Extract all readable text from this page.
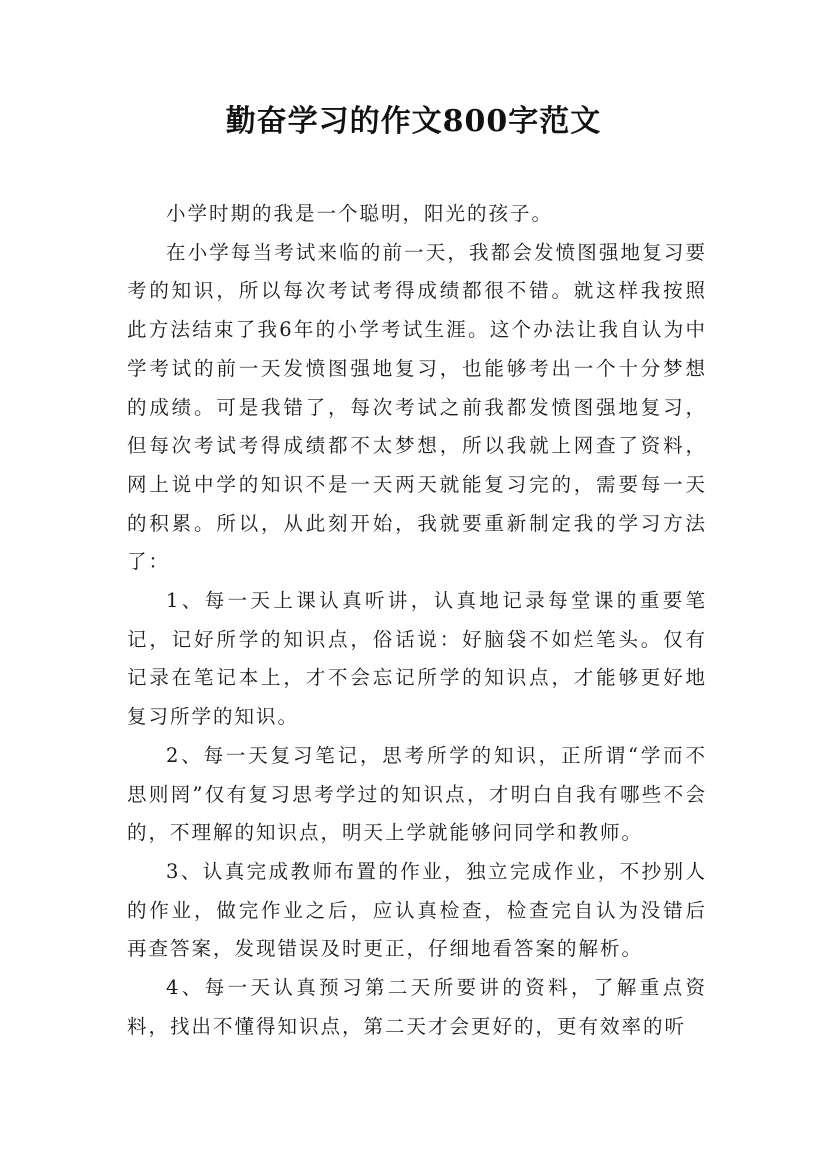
勤奋学习的作文800字范文

小学时期的我是一个聪明，阳光的孩子。

在小学每当考试来临的前一天，我都会发愤图强地复习要考的知识，所以每次考试考得成绩都很不错。就这样我按照此方法结束了我6年的小学考试生涯。这个办法让我自认为中学考试的前一天发愤图强地复习，也能够考出一个十分梦想的成绩。可是我错了，每次考试之前我都发愤图强地复习，但每次考试考得成绩都不太梦想，所以我就上网查了资料，网上说中学的知识不是一天两天就能复习完的，需要每一天的积累。所以，从此刻开始，我就要重新制定我的学习方法了：

1、每一天上课认真听讲，认真地记录每堂课的重要笔记，记好所学的知识点，俗话说：好脑袋不如烂笔头。仅有记录在笔记本上，才不会忘记所学的知识点，才能够更好地复习所学的知识。

2、每一天复习笔记，思考所学的知识，正所谓“学而不思则罔”仅有复习思考学过的知识点，才明白自我有哪些不会的，不理解的知识点，明天上学就能够问同学和教师。

3、认真完成教师布置的作业，独立完成作业，不抄别人的作业，做完作业之后，应认真检查，检查完自认为没错后再查答案，发现错误及时更正，仔细地看答案的解析。

4、每一天认真预习第二天所要讲的资料，了解重点资料，找出不懂得知识点，第二天才会更好的，更有效率的听
